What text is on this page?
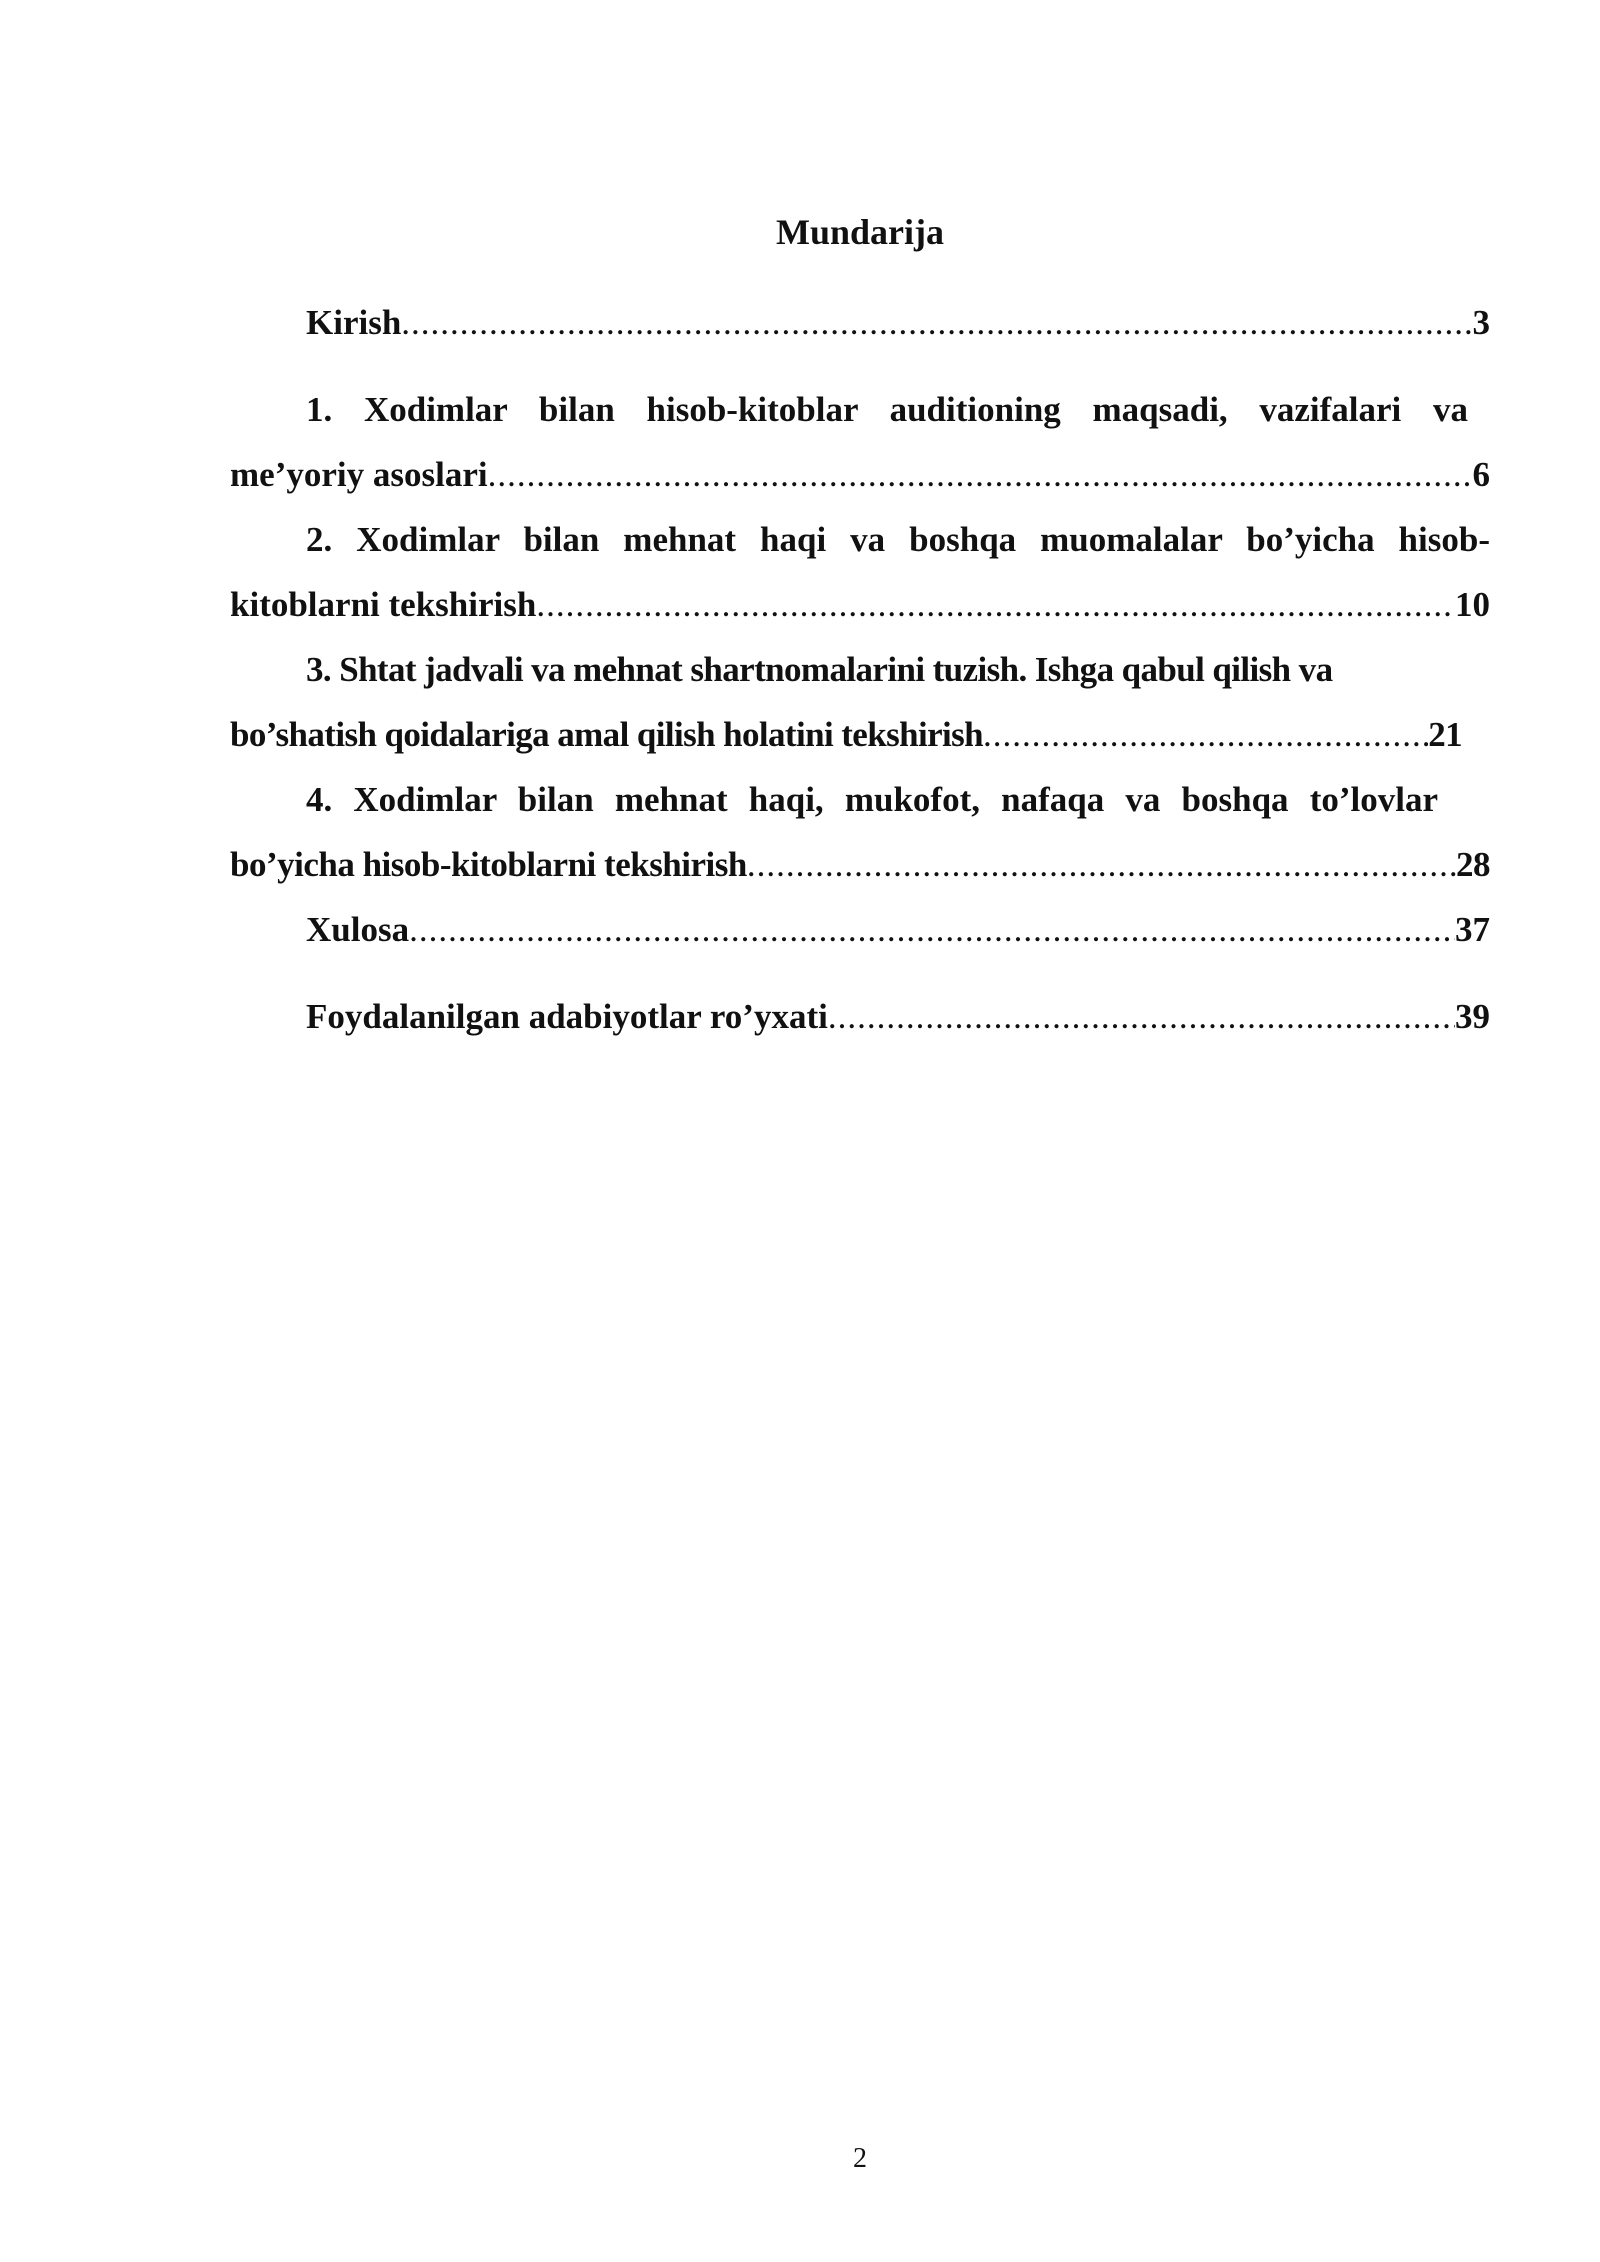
Mundarija
Kirish .....	3
1. Xodimlar bilan hisob-kitoblar auditioning maqsadi, vazifalari va
me’yoriy asoslari .....	6
2. Xodimlar bilan mehnat haqi va boshqa muomalalar bo’yicha hisob-
kitoblarni tekshirish .....	10
3. Shtat jadvali va mehnat shartnomalarini tuzish. Ishga qabul qilish va
bo’shatish qoidalariga amal qilish holatini tekshirish .....	21
4. Xodimlar bilan mehnat haqi, mukofot, nafaqa va boshqa to’lovlar
bo’yicha hisob-kitoblarni tekshirish .....	28
Xulosa .....	37
Foydalanilgan adabiyotlar ro’yxati .....	39
2
